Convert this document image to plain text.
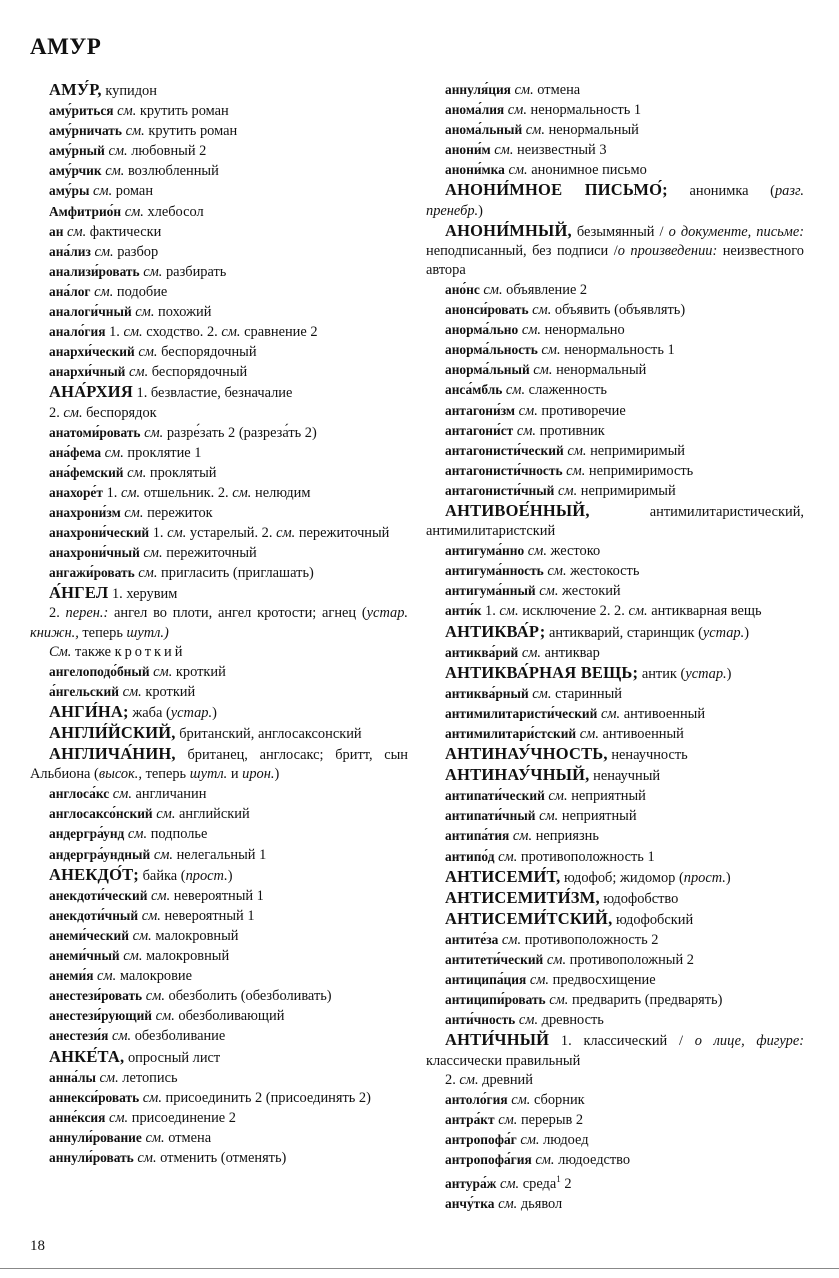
АМУР

АМУ́Р, купидон

аму́риться см. крутить роман

аму́рничать см. крутить роман

аму́рный см. любовный 2

аму́рчик см. возлюбленный

аму́ры см. роман

Амфитрио́н см. хлебосол

ан см. фактически

ана́лиз см. разбор

анализи́ровать см. разбирать

ана́лог см. подобие

аналоги́чный см. похожий

анало́гия 1. см. сходство. 2. см. сравнение 2

анархи́ческий см. беспорядочный

анархи́чный см. беспорядочный

АНА́РХИЯ 1. безвластие, безначалие

2. см. беспорядок

анатоми́ровать см. разре́зать 2 (разреза́ть 2)

ана́фема см. проклятие 1

ана́фемский см. проклятый

анахоре́т 1. см. отшельник. 2. см. нелюдим

анахрони́зм см. пережиток

анахрони́ческий 1. см. устарелый. 2. см. пережиточный

анахрони́чный см. пережиточный

ангажи́ровать см. пригласить (приглашать)

А́НГЕЛ 1. херувим

2. перен.: ангел во плоти, ангел кротости; агнец (устар. книжн., теперь шутл.)

См. также кроткий

ангелоподо́бный см. кроткий

а́нгельский см. кроткий

АНГИ́НА; жаба (устар.)

АНГЛИ́ЙСКИЙ, британский, англосаксонский

АНГЛИЧА́НИН, британец, англосакс; бритт, сын Альбиона (высок., теперь шутл. и ирон.)

англоса́кс см. англичанин

англосаксо́нский см. английский

андергра́унд см. подполье

андергра́ундный см. нелегальный 1

АНЕКДО́Т; байка (прост.)

анекдоти́ческий см. невероятный 1

анекдоти́чный см. невероятный 1

анеми́ческий см. малокровный

анеми́чный см. малокровный

анеми́я см. малокровие

анестези́ровать см. обезболить (обезболивать)

анестези́рующий см. обезболивающий

анестези́я см. обезболивание

АНКЕ́ТА, опросный лист

анна́лы см. летопись

аннекси́ровать см. присоединить 2 (присоединять 2)

анне́ксия см. присоединение 2

аннули́рование см. отмена

аннули́ровать см. отменить (отменять)

аннуля́ция см. отмена

анома́лия см. ненормальность 1

анома́льный см. ненормальный

анони́м см. неизвестный 3

анони́мка см. анонимное письмо

АНОНИ́МНОЕ ПИСЬМО́; анонимка (разг. пренебр.)

АНОНИ́МНЫЙ, безымянный / о документе, письме: неподписанный, без подписи /о произведении: неизвестного автора

ано́нс см. объявление 2

анонси́ровать см. объявить (объявлять)

анорма́льно см. ненормально

анорма́льность см. ненормальность 1

анорма́льный см. ненормальный

анса́мбль см. слаженность

антагони́зм см. противоречие

антагони́ст см. противник

антагонисти́ческий см. непримиримый

антагонисти́чность см. непримиримость

антагонисти́чный см. непримиримый

АНТИВОЕ́ННЫЙ, антимилитаристический, антимилитаристский

антигума́нно см. жестоко

антигума́нность см. жестокость

антигума́нный см. жестокий

анти́к 1. см. исключение 2. 2. см. антикварная вещь

АНТИКВА́Р; антикварий, старинщик (устар.)

антиква́рий см. антиквар

АНТИКВА́РНАЯ ВЕЩЬ; антик (устар.)

антиква́рный см. старинный

антимилитаристи́ческий см. антивоенный

антимилитари́стский см. антивоенный

АНТИНАУ́ЧНОСТЬ, ненаучность

АНТИНАУ́ЧНЫЙ, ненаучный

антипати́ческий см. неприятный

антипати́чный см. неприятный

антипа́тия см. неприязнь

антипо́д см. противоположность 1

АНТИСЕМИ́Т, юдофоб; жидомор (прост.)

АНТИСЕМИТИ́ЗМ, юдофобство

АНТИСЕМИ́ТСКИЙ, юдофобский

антите́за см. противоположность 2

антитети́ческий см. противоположный 2

антиципа́ция см. предвосхищение

антиципи́ровать см. предварить (предварять)

анти́чность см. древность

АНТИ́ЧНЫЙ 1. классический / о лице, фигуре: классически правильный

2. см. древний

антоло́гия см. сборник

антра́кт см. перерыв 2

антропофа́г см. людоед

антропофа́гия см. людоедство

антура́ж см. среда$^1$ 2

анчу́тка см. дьявол

18
